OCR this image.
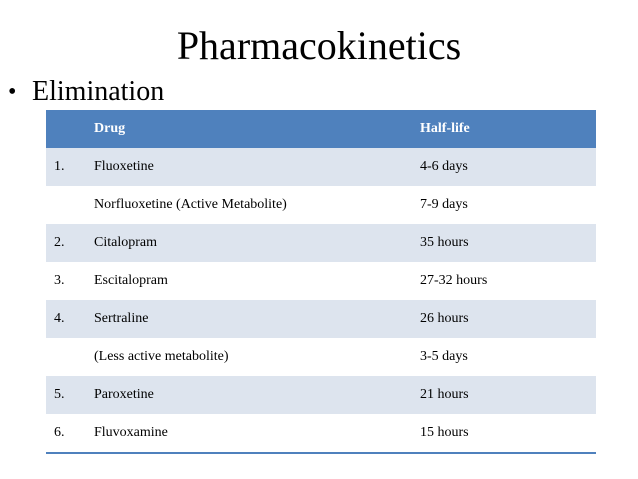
Pharmacokinetics
• Elimination
	Drug	Half-life
1.	Fluoxetine	4-6 days
	Norfluoxetine (Active Metabolite)	7-9 days
2.	Citalopram	35 hours
3.	Escitalopram	27-32 hours
4.	Sertraline	26 hours
	(Less active metabolite)	3-5 days
5.	Paroxetine	21 hours
6.	Fluvoxamine	15 hours
